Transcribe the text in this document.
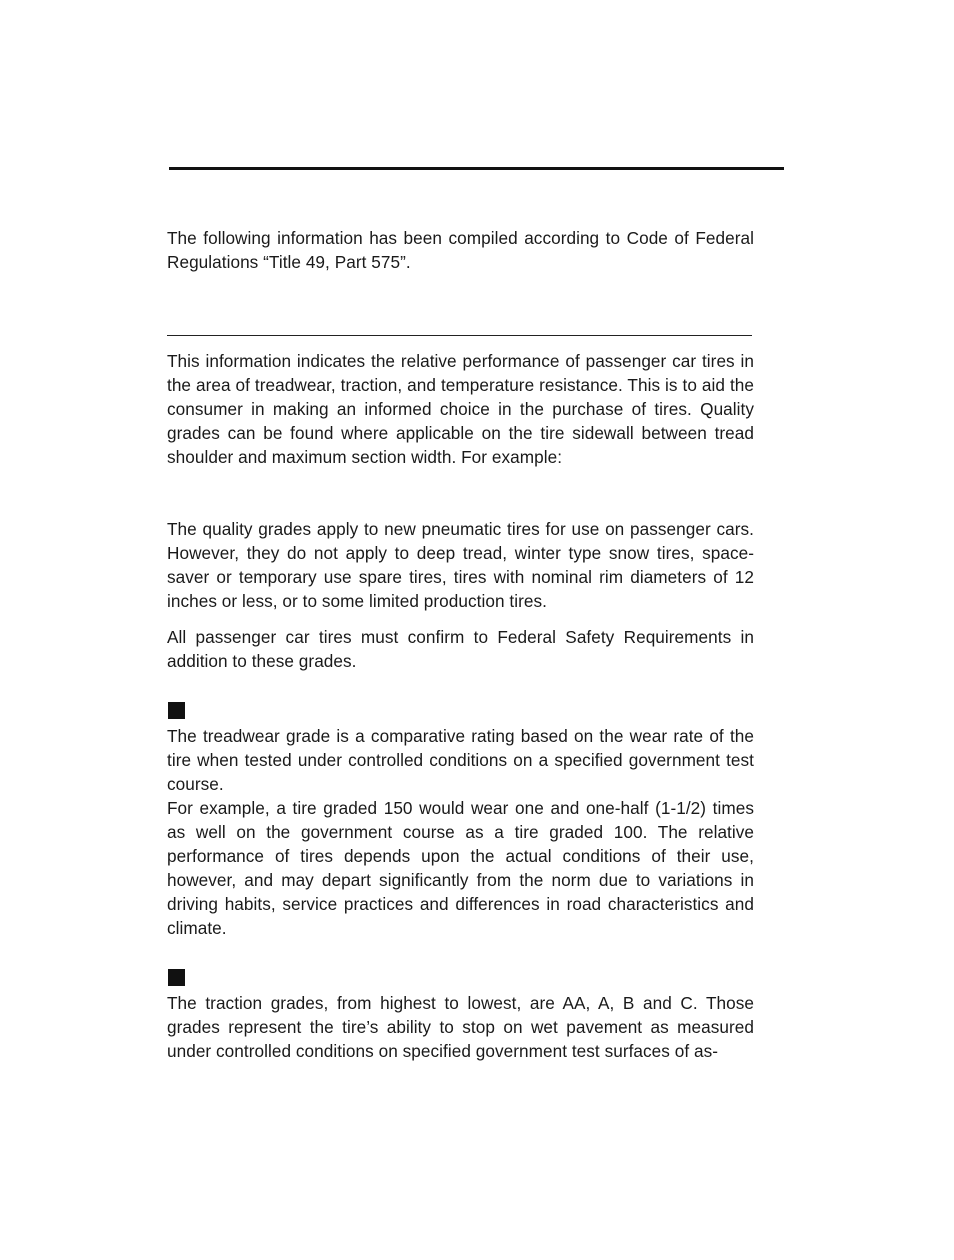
The following information has been compiled according to Code of Federal Regulations “Title 49, Part 575”.

This information indicates the relative performance of passenger car tires in the area of treadwear, traction, and temperature resistance. This is to aid the consumer in making an informed choice in the purchase of tires. Quality grades can be found where applicable on the tire sidewall between tread shoulder and maximum section width. For example:

The quality grades apply to new pneumatic tires for use on passenger cars. However, they do not apply to deep tread, winter type snow tires, space-saver or temporary use spare tires, tires with nominal rim diameters of 12 inches or less, or to some limited production tires.

All passenger car tires must confirm to Federal Safety Requirements in addition to these grades.

The treadwear grade is a comparative rating based on the wear rate of the tire when tested under controlled conditions on a specified government test course.

For example, a tire graded 150 would wear one and one-half (1-1/2) times as well on the government course as a tire graded 100. The relative performance of tires depends upon the actual conditions of their use, however, and may depart significantly from the norm due to variations in driving habits, service practices and differences in road characteristics and climate.

The traction grades, from highest to lowest, are AA, A, B and C. Those grades represent the tire’s ability to stop on wet pavement as measured under controlled conditions on specified government test surfaces of as-
